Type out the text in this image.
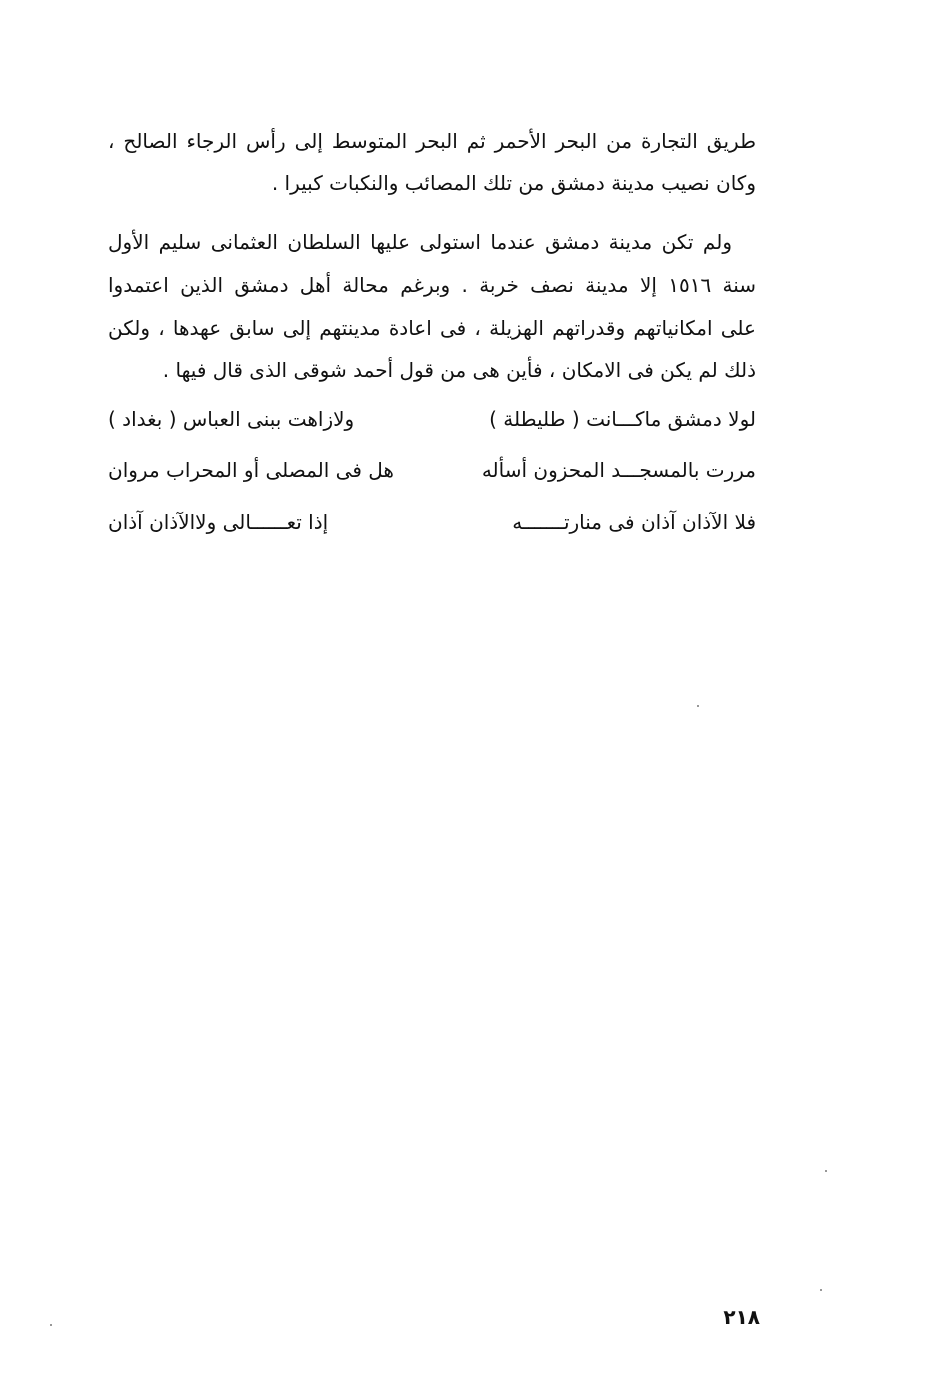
طريق التجارة من البحر الأحمر ثم البحر المتوسط إلى رأس الرجاء الصالح ،
وكان نصيب مدينة دمشق من تلك المصائب والنكبات كبيرا .
ولم تكن مدينة دمشق عندما استولى عليها السلطان العثمانى سليم الأول
سنة ١٥١٦ إلا مدينة نصف خربة . وبرغم محالة أهل دمشق الذين اعتمدوا
على امكانياتهم وقدراتهم الهزيلة ، فى اعادة مدينتهم إلى سابق عهدها ، ولكن
ذلك لم يكن فى الامكان ، فأين هى من قول أحمد شوقى الذى قال فيها .
لولا دمشق ماكـــانت ( طليطلة )
ولازاهت ببنى العباس ( بغداد )
مررت بالمسجـــد المحزون أسأله
هل فى المصلى أو المحراب مروان
فلا الآذان آذان فى منارتـــــــه
إذا تعــــــالى ولاالآذان آذان
٢١٨
